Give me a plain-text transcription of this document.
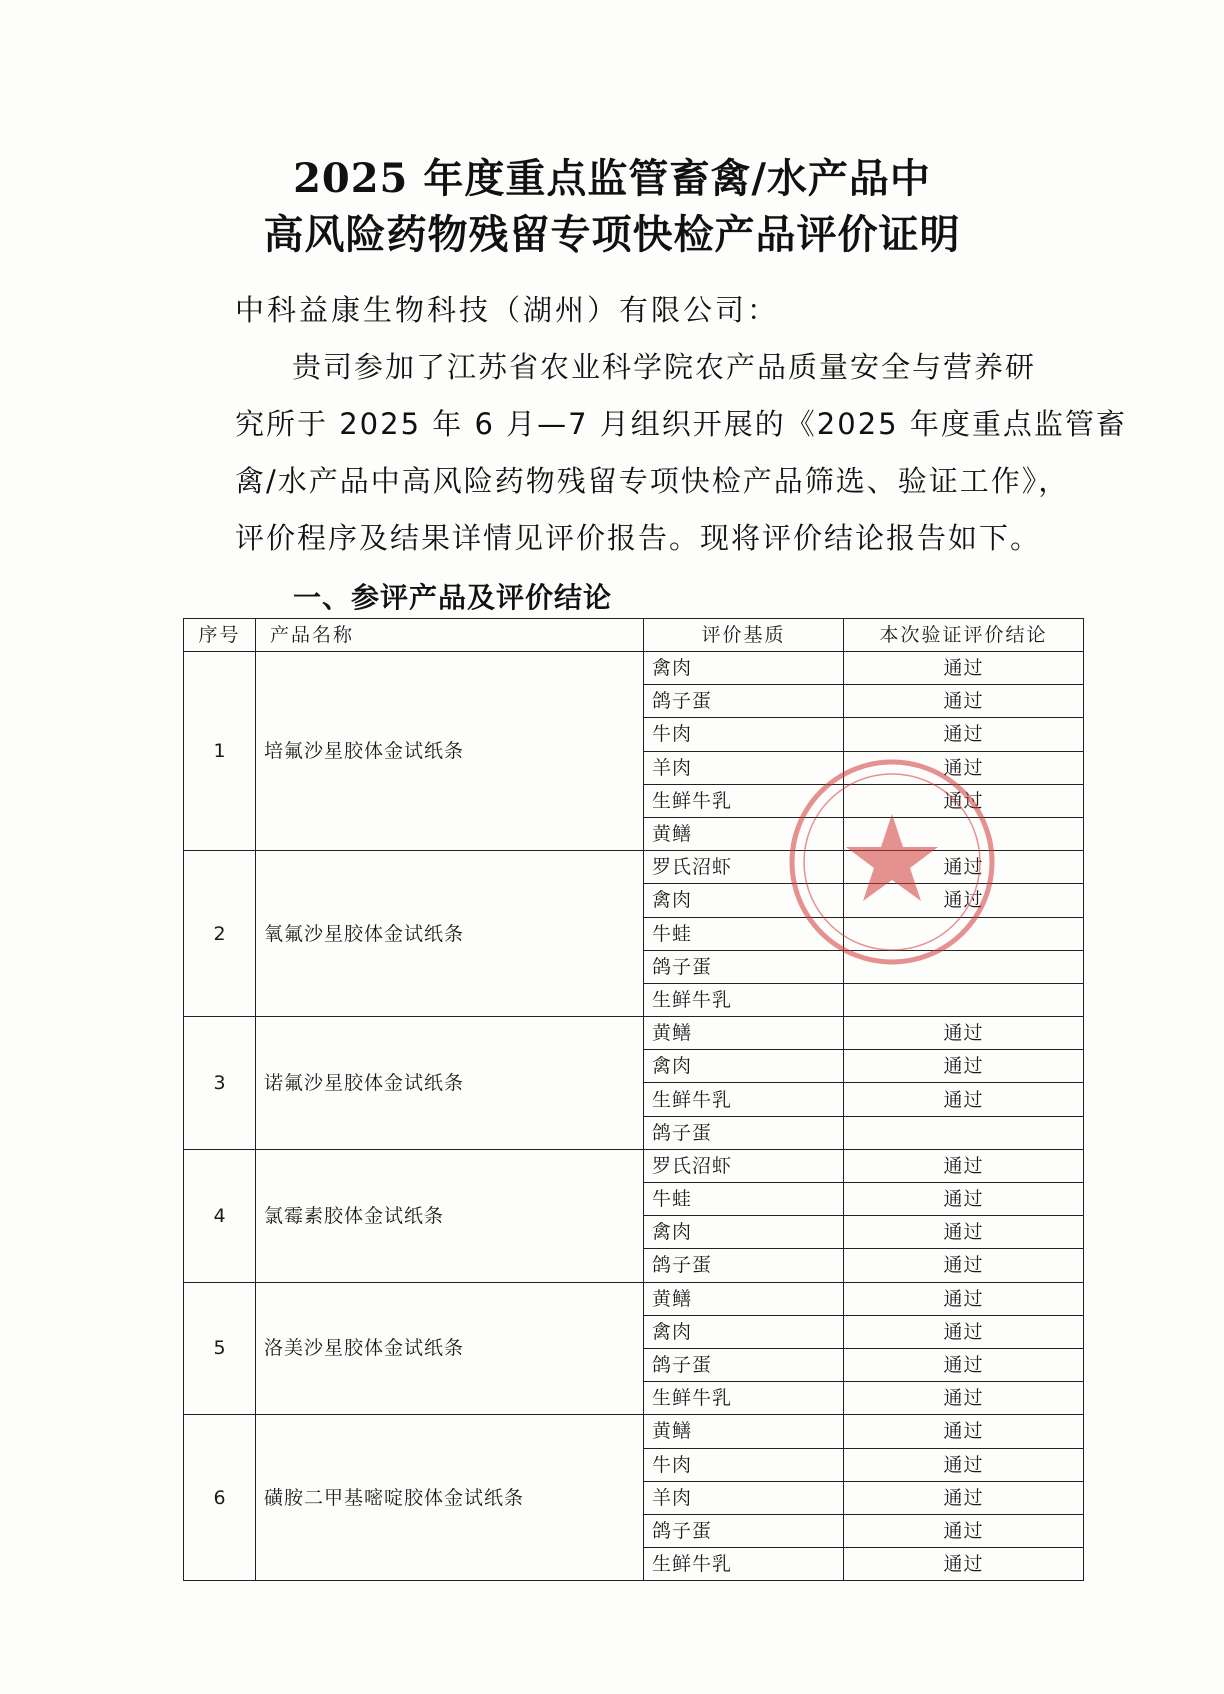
2025 年度重点监管畜禽/水产品中
高风险药物残留专项快检产品评价证明
中科益康生物科技（湖州）有限公司：
贵司参加了江苏省农业科学院农产品质量安全与营养研
究所于 2025 年 6 月—7 月组织开展的《2025 年度重点监管畜
禽/水产品中高风险药物残留专项快检产品筛选、验证工作》，
评价程序及结果详情见评价报告。现将评价结论报告如下。
一、参评产品及评价结论
序号	产品名称	评价基质	本次验证评价结论
1	培氟沙星胶体金试纸条	禽肉	通过
		鸽子蛋	通过
		牛肉	通过
		羊肉	通过
		生鲜牛乳	通过
		黄鳝	
2	氧氟沙星胶体金试纸条	罗氏沼虾	通过
		禽肉	通过
		牛蛙	
		鸽子蛋	
		生鲜牛乳	
3	诺氟沙星胶体金试纸条	黄鳝	通过
		禽肉	通过
		生鲜牛乳	通过
		鸽子蛋	
4	氯霉素胶体金试纸条	罗氏沼虾	通过
		牛蛙	通过
		禽肉	通过
		鸽子蛋	通过
5	洛美沙星胶体金试纸条	黄鳝	通过
		禽肉	通过
		鸽子蛋	通过
		生鲜牛乳	通过
6	磺胺二甲基嘧啶胶体金试纸条	黄鳝	通过
		牛肉	通过
		羊肉	通过
		鸽子蛋	通过
		生鲜牛乳	通过
